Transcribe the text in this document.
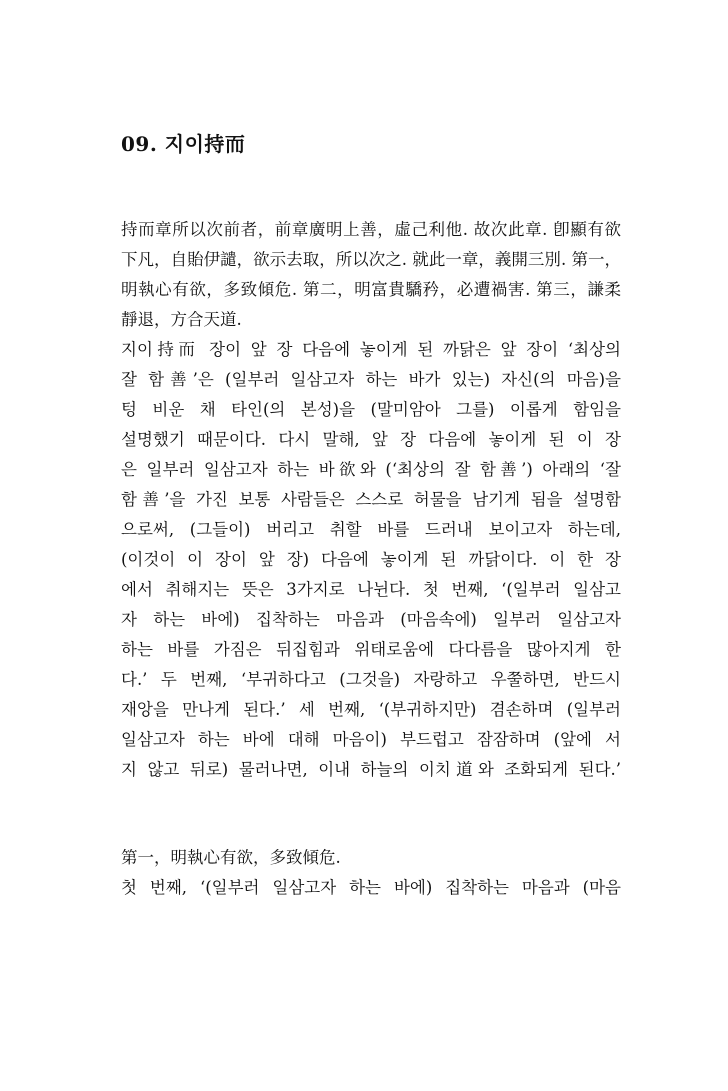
09. 지이持而
持而章所以次前者，前章廣明上善，虛己利他. 故次此章. 卽顯有欲
下凡，自貽伊譴，欲示去取，所以次之. 就此一章，義開三別. 第一，
明執心有欲，多致傾危. 第二，明富貴驕矜，必遭禍害. 第三，謙柔
靜退，方合天道.
지이持而 장이 앞 장 다음에 놓이게 된 까닭은 앞 장이 ‘최상의
잘 함善’은 (일부러 일삼고자 하는 바가 있는) 자신(의 마음)을
텅 비운 채 타인(의 본성)을 (말미암아 그를) 이롭게 함임을
설명했기 때문이다. 다시 말해, 앞 장 다음에 놓이게 된 이 장
은 일부러 일삼고자 하는 바欲와 (‘최상의 잘 함善’) 아래의 ‘잘
함善’을 가진 보통 사람들은 스스로 허물을 남기게 됨을 설명함
으로써, (그들이) 버리고 취할 바를 드러내 보이고자 하는데,
(이것이 이 장이 앞 장) 다음에 놓이게 된 까닭이다. 이 한 장
에서 취해지는 뜻은 3가지로 나뉜다. 첫 번째, ‘(일부러 일삼고
자 하는 바에) 집착하는 마음과 (마음속에) 일부러 일삼고자
하는 바를 가짐은 뒤집힘과 위태로움에 다다름을 많아지게 한
다.’ 두 번째, ‘부귀하다고 (그것을) 자랑하고 우쭐하면, 반드시
재앙을 만나게 된다.’ 세 번째, ‘(부귀하지만) 겸손하며 (일부러
일삼고자 하는 바에 대해 마음이) 부드럽고 잠잠하며 (앞에 서
지 않고 뒤로) 물러나면, 이내 하늘의 이치道와 조화되게 된다.’
第一，明執心有欲，多致傾危.
첫 번째, ‘(일부러 일삼고자 하는 바에) 집착하는 마음과 (마음
